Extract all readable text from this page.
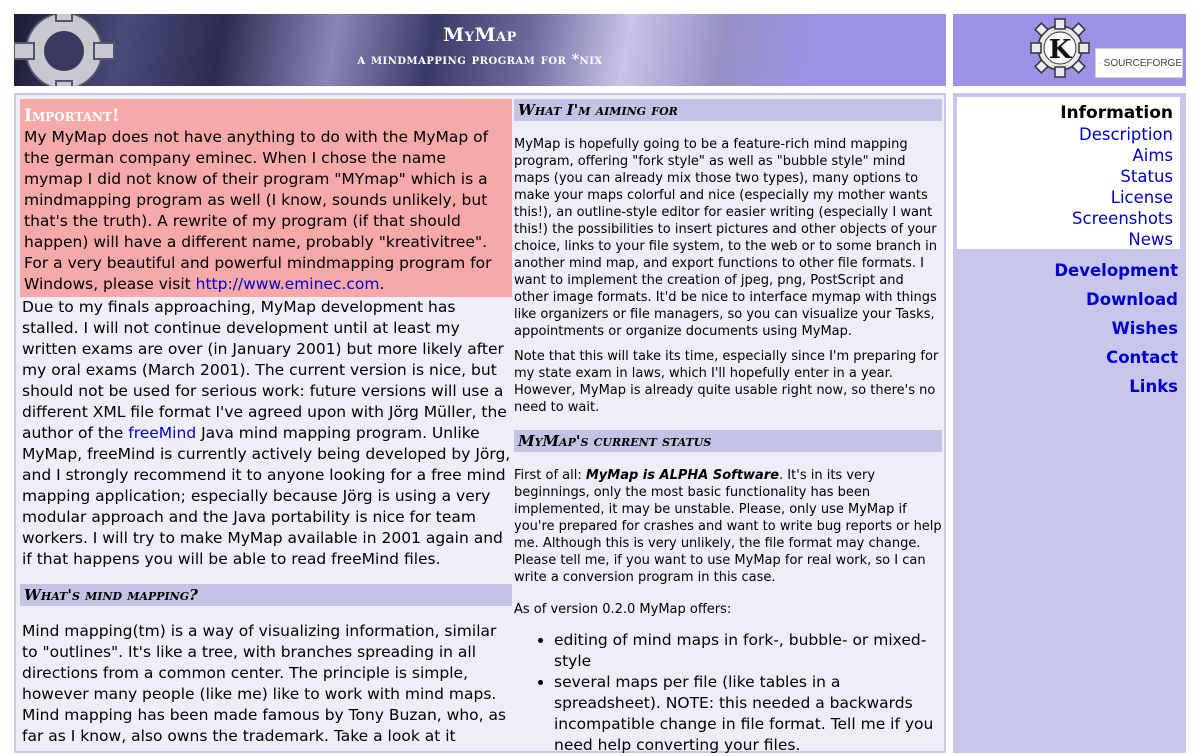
MyMap
a mindmapping program for *nix	K	SOURCEFORGE
Important!
My MyMap does not have anything to do with the MyMap of the german company eminec. When I chose the name mymap I did not know of their program "MYmap" which is a mindmapping program as well (I know, sounds unlikely, but that's the truth). A rewrite of my program (if that should happen) will have a different name, probably "kreativitree". For a very beautiful and powerful mindmapping program for Windows, please visit http://www.eminec.com.
Due to my finals approaching, MyMap development has stalled. I will not continue development until at least my written exams are over (in January 2001) but more likely after my oral exams (March 2001). The current version is nice, but should not be used for serious work: future versions will use a different XML file format I've agreed upon with Jörg Müller, the author of the freeMind Java mind mapping program. Unlike MyMap, freeMind is currently actively being developed by Jörg, and I strongly recommend it to anyone looking for a free mind mapping application; especially because Jörg is using a very modular approach and the Java portability is nice for team workers. I will try to make MyMap available in 2001 again and if that happens you will be able to read freeMind files.
What's mind mapping?
Mind mapping(tm) is a way of visualizing information, similar to "outlines". It's like a tree, with branches spreading in all directions from a common center. The principle is simple, however many people (like me) like to work with mind maps. Mind mapping has been made famous by Tony Buzan, who, as far as I know, also owns the trademark. Take a look at it
What I'm aiming for

MyMap is hopefully going to be a feature-rich mind mapping program, offering "fork style" as well as "bubble style" mind maps (you can already mix those two types), many options to make your maps colorful and nice (especially my mother wants this!), an outline-style editor for easier writing (especially I want this!) the possibilities to insert pictures and other objects of your choice, links to your file system, to the web or to some branch in another mind map, and export functions to other file formats. I want to implement the creation of jpeg, png, PostScript and other image formats. It'd be nice to interface mymap with things like organizers or file managers, so you can visualize your Tasks, appointments or organize documents using MyMap.

Note that this will take its time, especially since I'm preparing for my state exam in laws, which I'll hopefully enter in a year. However, MyMap is already quite usable right now, so there's no need to wait.

MyMap's current status

First of all: MyMap is ALPHA Software. It's in its very beginnings, only the most basic functionality has been implemented, it may be unstable. Please, only use MyMap if you're prepared for crashes and want to write bug reports or help me. Although this is very unlikely, the file format may change. Please tell me, if you want to use MyMap for real work, so I can write a conversion program in this case.

As of version 0.2.0 MyMap offers:

• editing of mind maps in fork-, bubble- or mixed-style
• several maps per file (like tables in a spreadsheet). NOTE: this needed a backwards incompatible change in file format. Tell me if you need help converting your files.
Information
Description
Aims
Status
License
Screenshots
News
Development
Download
Wishes
Contact
Links
